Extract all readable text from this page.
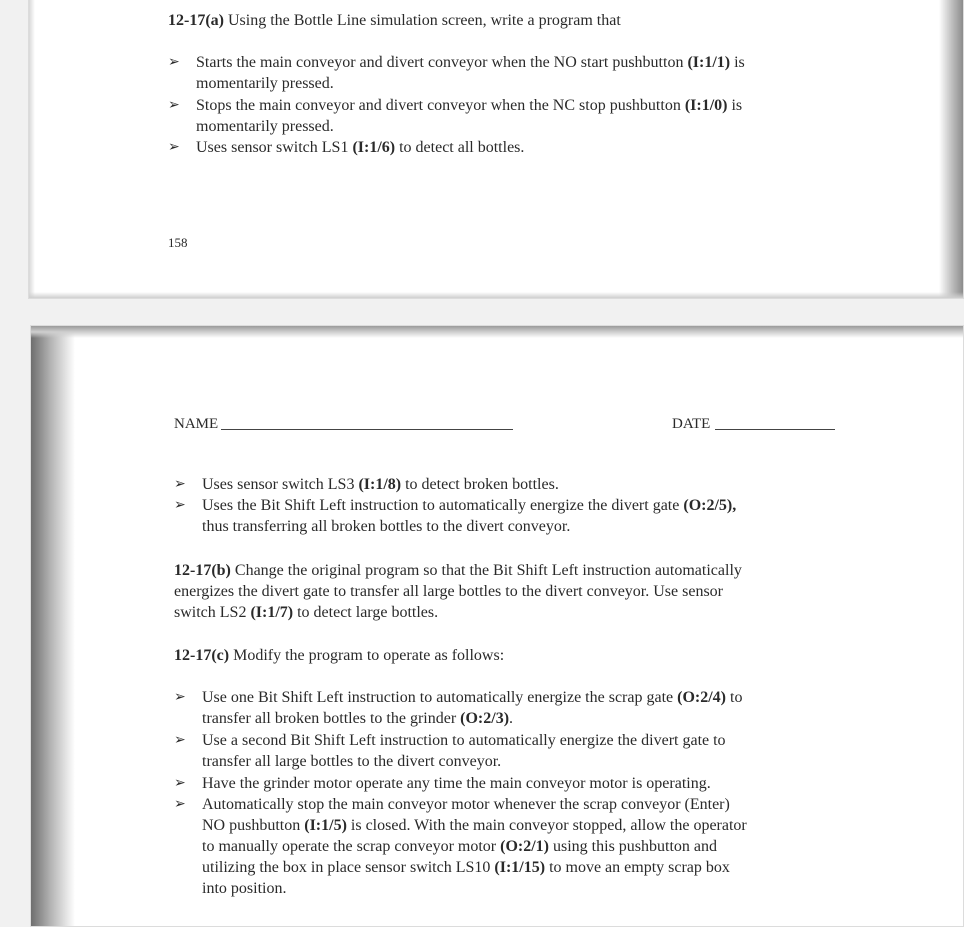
12-17(a) Using the Bottle Line simulation screen, write a program that
➢ Starts the main conveyor and divert conveyor when the NO start pushbutton (I:1/1) is
momentarily pressed.
➢ Stops the main conveyor and divert conveyor when the NC stop pushbutton (I:1/0) is
momentarily pressed.
➢ Uses sensor switch LS1 (I:1/6) to detect all bottles.
158
NAME	DATE
➢ Uses sensor switch LS3 (I:1/8) to detect broken bottles.
➢ Uses the Bit Shift Left instruction to automatically energize the divert gate (O:2/5),
thus transferring all broken bottles to the divert conveyor.
12-17(b) Change the original program so that the Bit Shift Left instruction automatically
energizes the divert gate to transfer all large bottles to the divert conveyor. Use sensor
switch LS2 (I:1/7) to detect large bottles.
12-17(c) Modify the program to operate as follows:
➢ Use one Bit Shift Left instruction to automatically energize the scrap gate (O:2/4) to
transfer all broken bottles to the grinder (O:2/3).
➢ Use a second Bit Shift Left instruction to automatically energize the divert gate to
transfer all large bottles to the divert conveyor.
➢ Have the grinder motor operate any time the main conveyor motor is operating.
➢ Automatically stop the main conveyor motor whenever the scrap conveyor (Enter)
NO pushbutton (I:1/5) is closed. With the main conveyor stopped, allow the operator
to manually operate the scrap conveyor motor (O:2/1) using this pushbutton and
utilizing the box in place sensor switch LS10 (I:1/15) to move an empty scrap box
into position.
